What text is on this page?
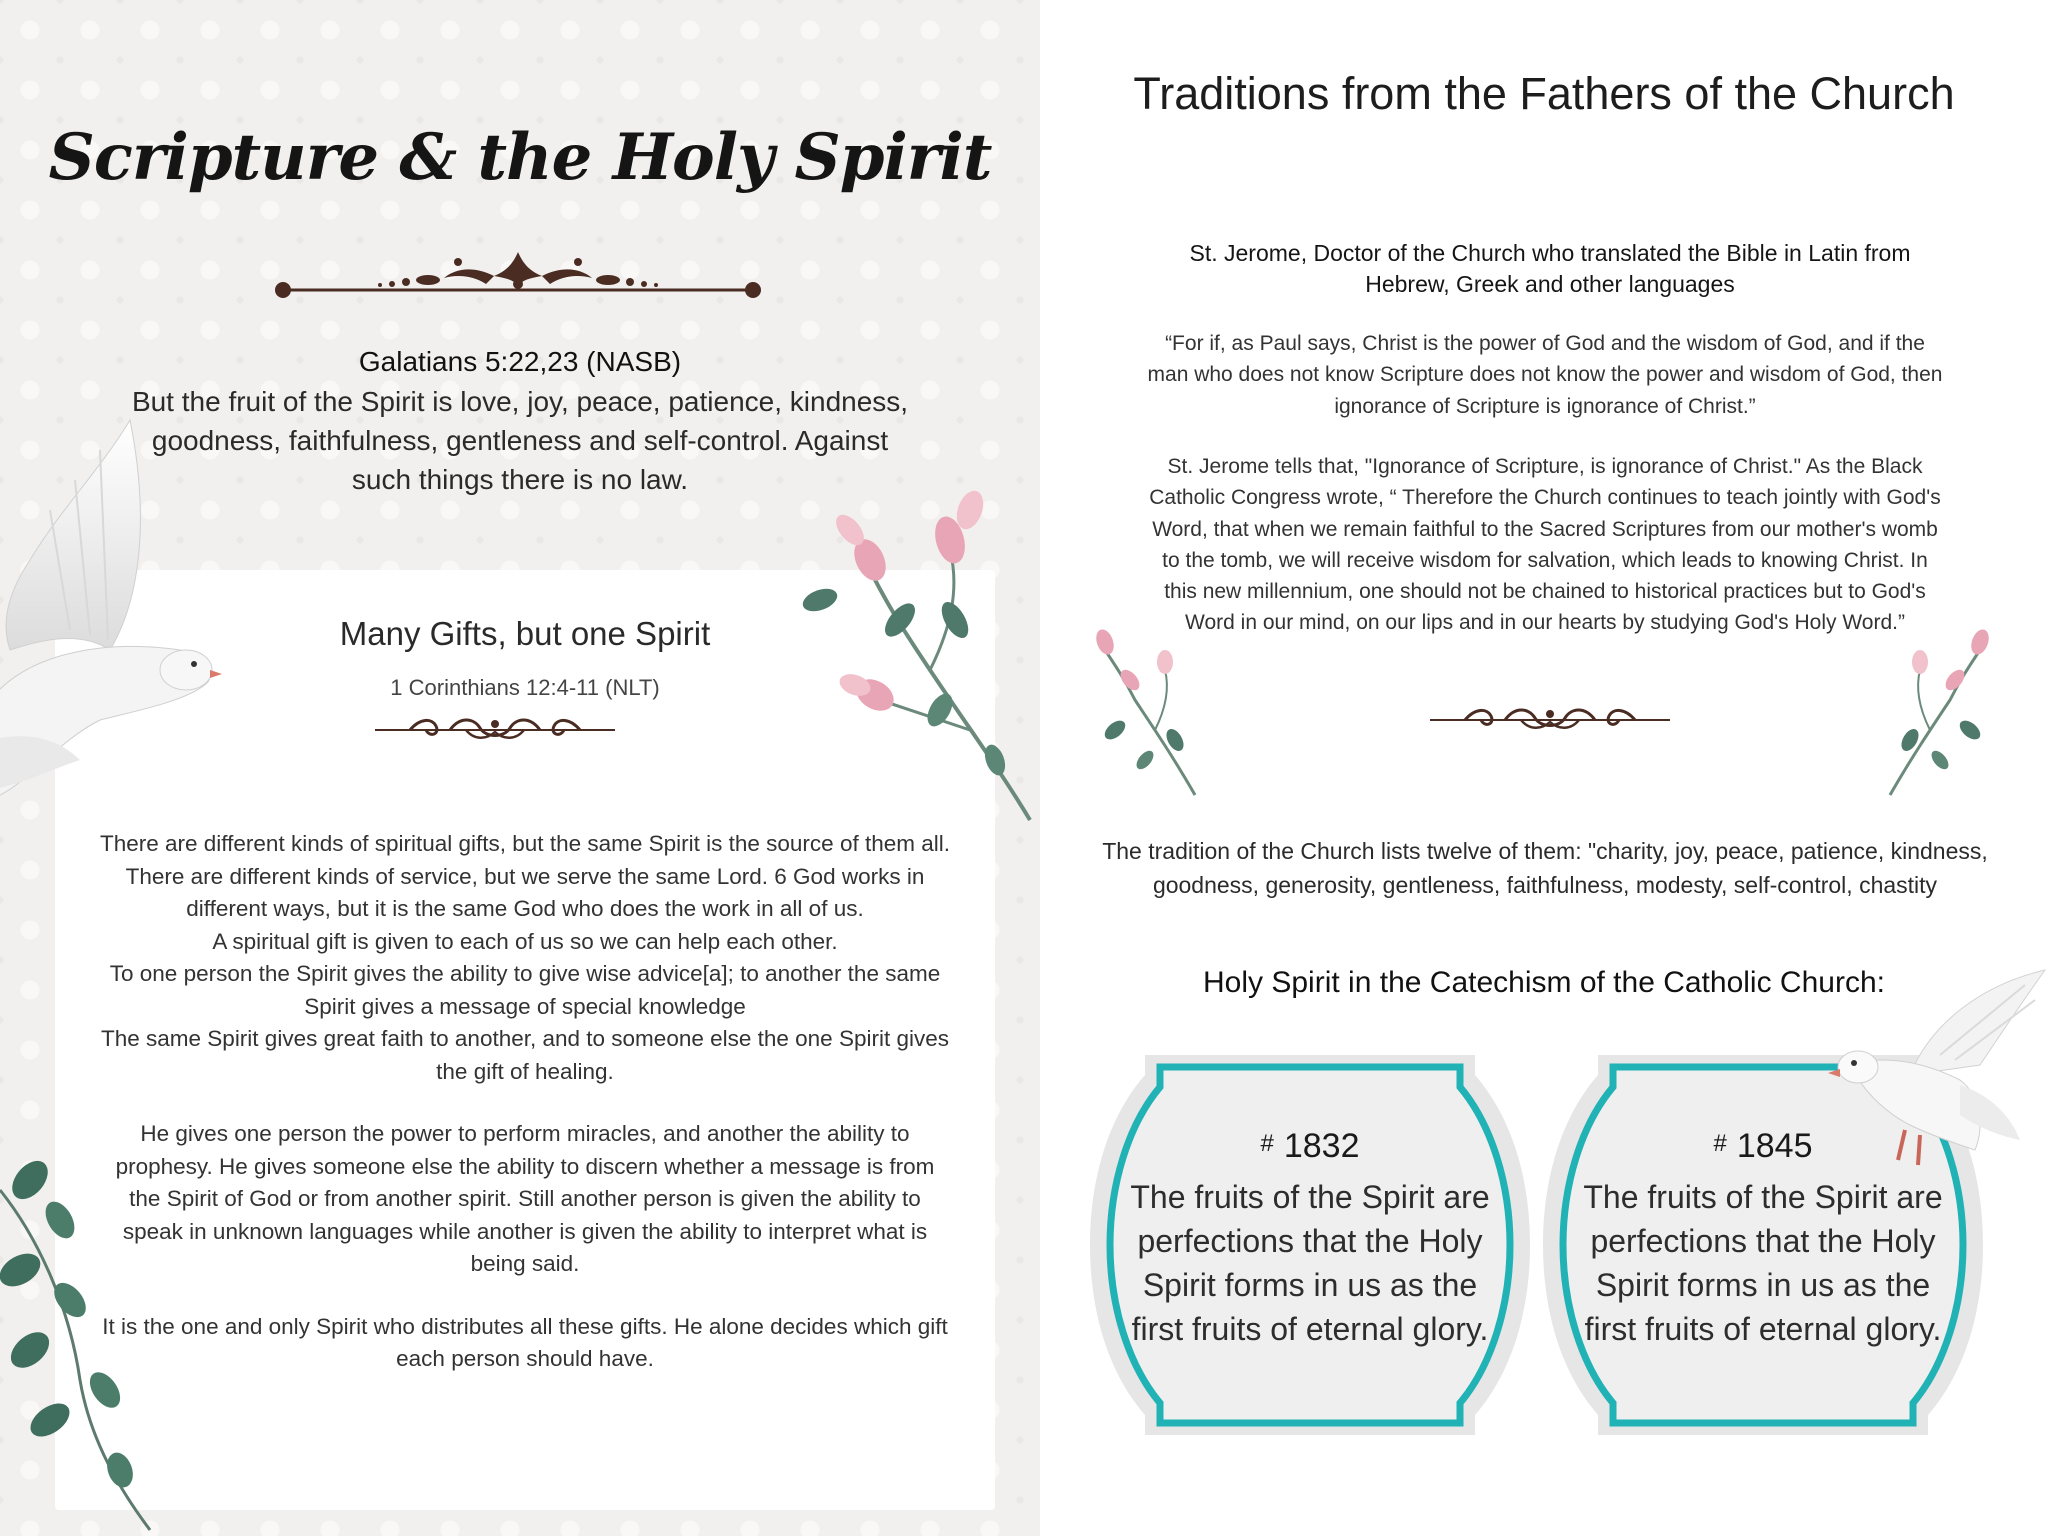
Scripture & the Holy Spirit
Galatians 5:22,23 (NASB)
But the fruit of the Spirit is love, joy, peace, patience, kindness, goodness, faithfulness, gentleness and self-control. Against such things there is no law.
Many Gifts, but one Spirit
1 Corinthians 12:4-11 (NLT)

There are different kinds of spiritual gifts, but the same Spirit is the source of them all.

There are different kinds of service, but we serve the same Lord. 6 God works in different ways, but it is the same God who does the work in all of us.

A spiritual gift is given to each of us so we can help each other.

To one person the Spirit gives the ability to give wise advice[a]; to another the same Spirit gives a message of special knowledge

The same Spirit gives great faith to another, and to someone else the one Spirit gives the gift of healing.

He gives one person the power to perform miracles, and another the ability to prophesy. He gives someone else the ability to discern whether a message is from the Spirit of God or from another spirit. Still another person is given the ability to speak in unknown languages while another is given the ability to interpret what is being said.

It is the one and only Spirit who distributes all these gifts. He alone decides which gift each person should have.

Traditions from the Fathers of the Church
St. Jerome, Doctor of the Church who translated the Bible in Latin from Hebrew, Greek and other languages
“For if, as Paul says, Christ is the power of God and the wisdom of God, and if the man who does not know Scripture does not know the power and wisdom of God, then ignorance of Scripture is ignorance of Christ.”
St. Jerome tells that, "Ignorance of Scripture, is ignorance of Christ." As the Black Catholic Congress wrote, “ Therefore the Church continues to teach jointly with God's Word, that when we remain faithful to the Sacred Scriptures from our mother's womb to the tomb, we will receive wisdom for salvation, which leads to knowing Christ. In this new millennium, one should not be chained to historical practices but to God's Word in our mind, on our lips and in our hearts by studying God's Holy Word.”
The tradition of the Church lists twelve of them: "charity, joy, peace, patience, kindness, goodness, generosity, gentleness, faithfulness, modesty, self-control, chastity
Holy Spirit in the Catechism of the Catholic Church:
# 1832
The fruits of the Spirit are perfections that the Holy Spirit forms in us as the first fruits of eternal glory.
# 1845
The fruits of the Spirit are perfections that the Holy Spirit forms in us as the first fruits of eternal glory.
